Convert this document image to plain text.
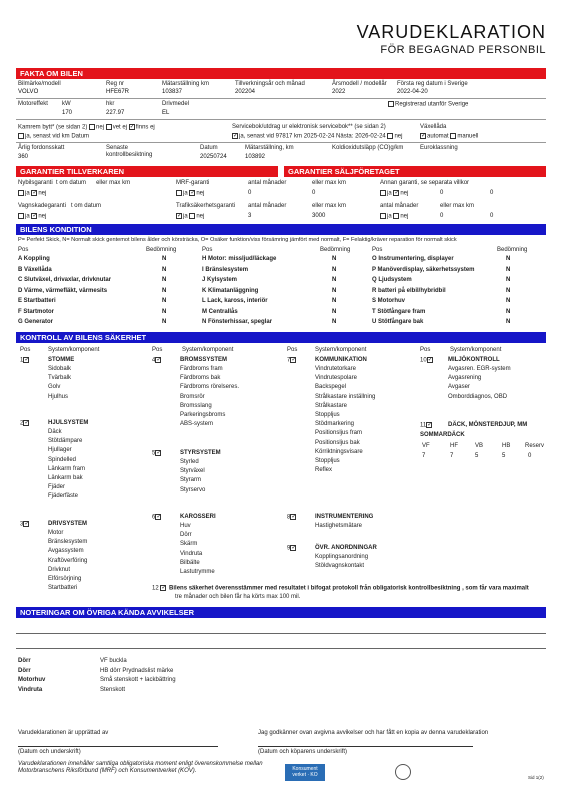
VARUDEKLARATION
FÖR BEGAGNAD PERSONBIL
FAKTA OM BILEN
Bilmärke/modell	Reg nr	Mätarställning km	Tillverkningsår och månad	Årsmodell / modellår Första reg datum i Sverige
VOLVO	HFE67R	103837	202204	2022	2022-04-20
Motoreffekt kW	hkr	Drivmedel
170	227.97	EL
Registrerad utanför Sverige
Kamrem bytt* (se sidan 2) nej vet ej ✓finns ej
ja, senast vid km Datum
Servicebok/utdrag ur elektronisk servicebok** (se sidan 2)
✓ja, senast vid 97817 km 2025-02-24 Nästa: 2026-02-24 nej
Växellåda
✓automat manuell
Årlig fordonsskatt
360
Senaste kontrollbesiktning
Datum
20250724
Mätarställning, km
103892
Koldioxidutsläpp (CO)g/km	Euroklassning
GARANTIER TILLVERKAREN	GARANTIER SÄLJFÖRETAGET
Nybilsgaranti t om datum eller max km
ja ✓nej
Vagnskadegaranti t om datum
ja ✓nej
MRF-garanti	antal månader	eller max km
ja ✓nej	0	0
Annan garanti, se separata villkor
ja ✓nej	0	0
Trafiksäkerhetsgaranti antal månader	eller max km
✓ja nej	3	3000
antal månader	eller max km
ja nej	0	0
BILENS KONDITION
P= Perfekt Skick, N= Normalt skick gentemot bilens ålder och körsträcka, O= Osäker funktion/viss försämring jämfört med normalt, F= Felaktig/kräver reparation för normalt skick
Pos	Bedömning	Pos	Bedömning	Pos	Bedömning
A Koppling	N
B Växellåda	N
C Slutväxel, drivaxlar, drivknutar	N
D Värme, värmefläkt, värmesits	N
E Startbatteri	N
F Startmotor	N
G Generator	N
H Motor: missljud/läckage	N
I Bränslesystem	N
J Kylsystem	N
K Klimatanläggning	N
L Lack, kaross, interiör	N
M Centrallås	N
N Fönsterhissar, speglar	N
O Instrumentering, displayer	N
P Manöverdisplay, säkerhetssystem	N
Q Ljudsystem	N
R batteri på elbil/hybridbil	N
S Motorhuv	N
T Stötfångare fram	N
U Stötfångare bak	N
KONTROLL AV BILENS SÄKERHET
Pos	System/komponent	Pos	System/komponent	Pos	System/komponent	Pos	System/komponent
1✓	STOMME
Sidobalk
Tvärbalk
Golv
Hjulhus
2✓	HJULSYSTEM
Däck
Stötdämpare
Hjullager
Spindelled
Länkarm fram
Länkarm bak
Fjäder
Fjäderfäste
3✓	DRIVSYSTEM
Motor
Bränslesystem
Avgassystem
Kraftöverföring
Drivknut
Elförsörjning
Startbatteri
4✓	BROMSSYSTEM
Färdbroms fram
Färdbroms bak
Färdbroms rörelseres.
Bromsrör
Bromsslang
Parkeringsbroms
ABS-system
5✓	STYRSYSTEM
Styrled
Styrväxel
Styrarm
Styrservo
6✓	KAROSSERI
Huv
Dörr
Skärm
Vindruta
Bilbälte
Lastutrymme
7✓	KOMMUNIKATION
Vindrutetorkare
Vindrutespolare
Backspegel
Strålkastare inställning
Strålkastare
Stoppljus
Stödmarkering
Positionsljus fram
Positionsljus bak
Körriktningsvisare
Stoppljus
Reflex
8✓	INSTRUMENTERING
Hastighetsmätare
9✓	ÖVR. ANORDNINGAR
Kopplingsanordning
Stöldvagnskontakt
10✓	MILJÖKONTROLL
Avgasren. EGR-system
Avgasrening
Avgaser
Omborddiagnos, OBD
11✓	DÄCK, MÖNSTERDJUP, MM
SOMMARDÄCK
VF	HF	VB	HB Reserv
7	7	5	5	0
12 ✓ Bilens säkerhet överensstämmer med resultatet i bifogat protokoll från obligatorisk kontrollbesiktning , som får vara maximalt
tre månader och bilen får ha körts max 100 mil.
NOTERINGAR OM ÖVRIGA KÄNDA AVVIKELSER
Dörr	VF buckla
Dörr	HB dörr Prydnadslist märke
Motorhuv	Små stenskott + lackbättring
Vindruta	Stenskott
Varudeklarationen är upprättad av	Jag godkänner ovan avgivna avvikelser och har fått en kopia av denna varudeklaration
(Datum och underskrift)	(Datum och köparens underskrift)
Varudeklarationen innehåller samtliga obligatoriska moment enligt överenskommelse mellan Motorbranschens Riksförbund (MRF) och Konsumentverket (KOV).	Konsument verket · KO	Sid 1(2)
